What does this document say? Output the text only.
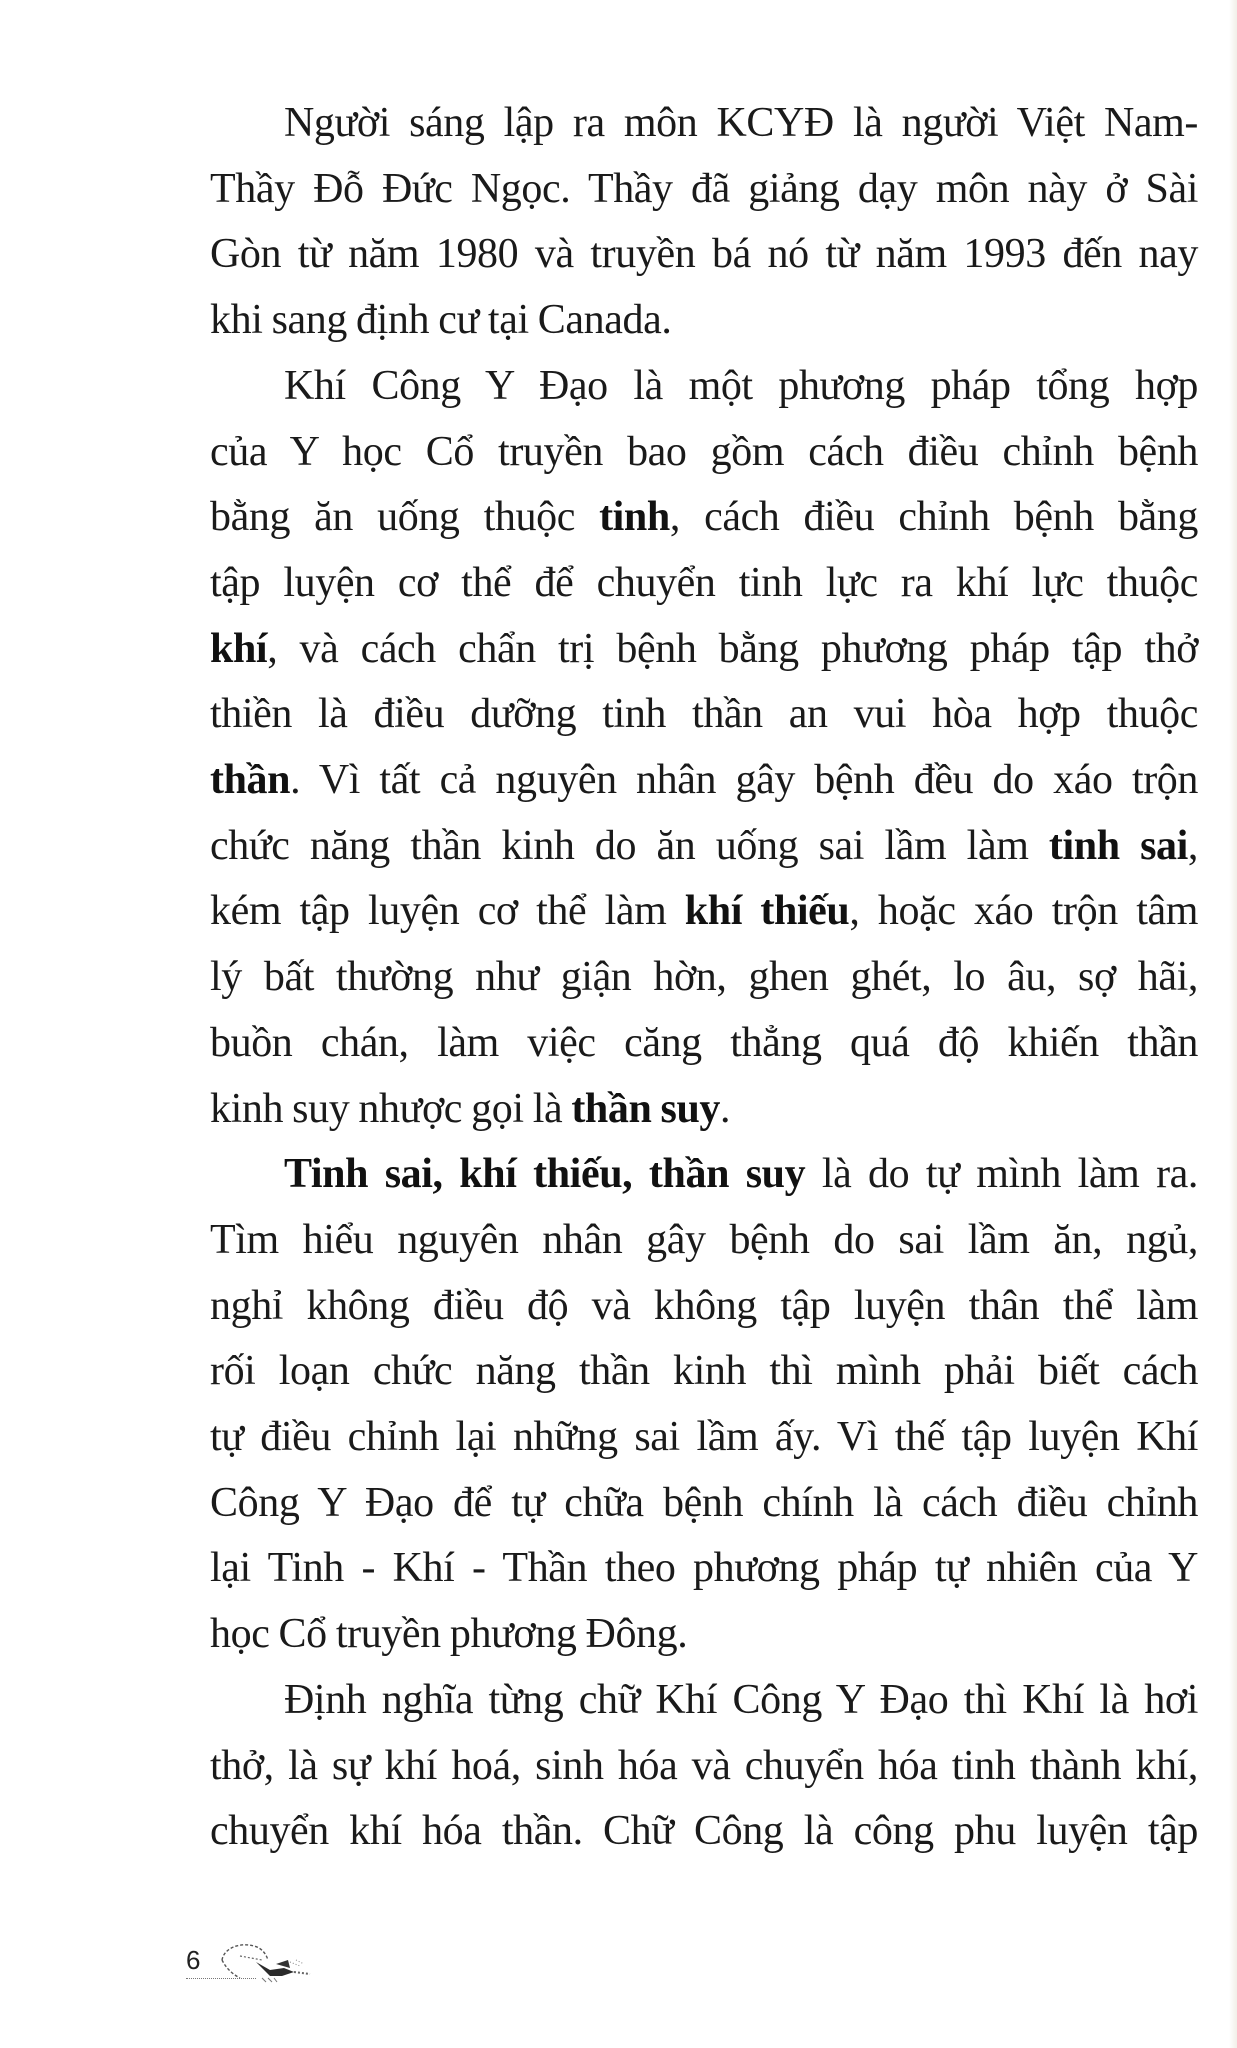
Người sáng lập ra môn KCYĐ là người Việt Nam-
Thầy Đỗ Đức Ngọc. Thầy đã giảng dạy môn này ở Sài
Gòn từ năm 1980 và truyền bá nó từ năm 1993 đến nay
khi sang định cư tại Canada.
Khí Công Y Đạo là một phương pháp tổng hợp
của Y học Cổ truyền bao gồm cách điều chỉnh bệnh
bằng ăn uống thuộc tinh, cách điều chỉnh bệnh bằng
tập luyện cơ thể để chuyển tinh lực ra khí lực thuộc
khí, và cách chẩn trị bệnh bằng phương pháp tập thở
thiền là điều dưỡng tinh thần an vui hòa hợp thuộc
thần. Vì tất cả nguyên nhân gây bệnh đều do xáo trộn
chức năng thần kinh do ăn uống sai lầm làm tinh sai,
kém tập luyện cơ thể làm khí thiếu, hoặc xáo trộn tâm
lý bất thường như giận hờn, ghen ghét, lo âu, sợ hãi,
buồn chán, làm việc căng thẳng quá độ khiến thần
kinh suy nhược gọi là thần suy.
Tinh sai, khí thiếu, thần suy là do tự mình làm ra.
Tìm hiểu nguyên nhân gây bệnh do sai lầm ăn, ngủ,
nghỉ không điều độ và không tập luyện thân thể làm
rối loạn chức năng thần kinh thì mình phải biết cách
tự điều chỉnh lại những sai lầm ấy. Vì thế tập luyện Khí
Công Y Đạo để tự chữa bệnh chính là cách điều chỉnh
lại Tinh - Khí - Thần theo phương pháp tự nhiên của Y
học Cổ truyền phương Đông.
Định nghĩa từng chữ Khí Công Y Đạo thì Khí là hơi
thở, là sự khí hoá, sinh hóa và chuyển hóa tinh thành khí,
chuyển khí hóa thần. Chữ Công là công phu luyện tập
6
